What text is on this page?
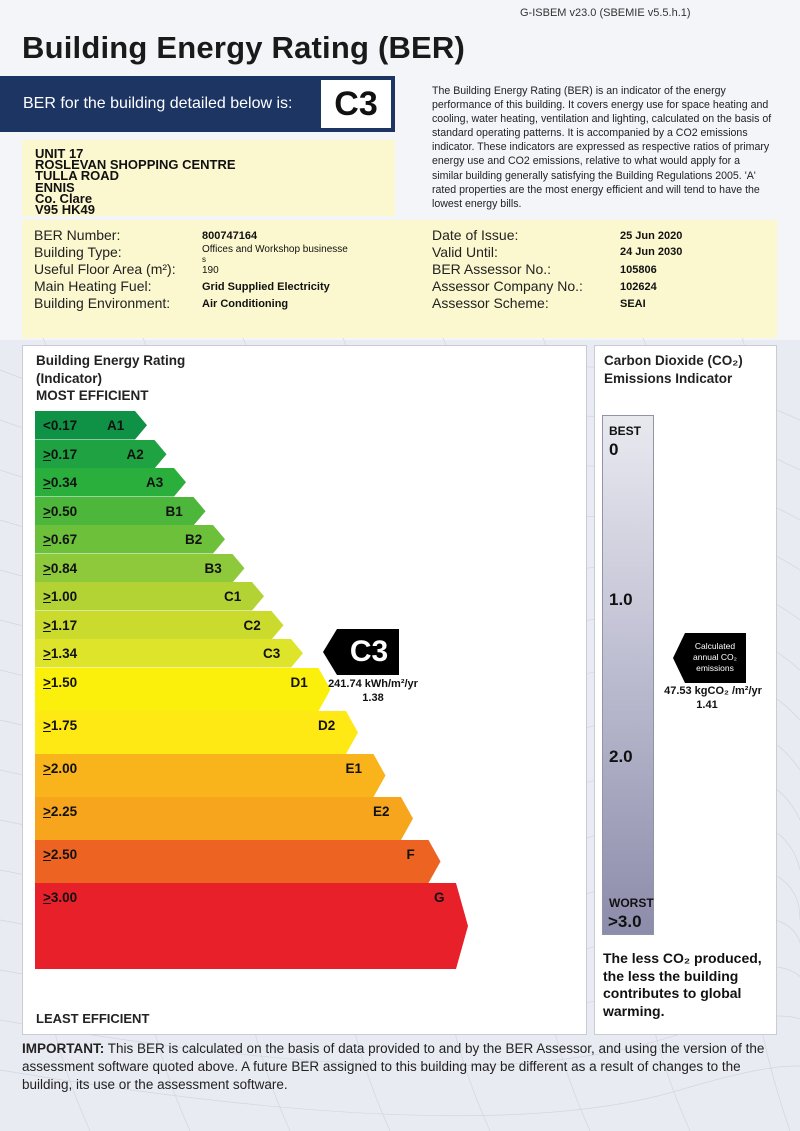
G-ISBEM v23.0 (SBEMIE v5.5.h.1)
Building Energy Rating (BER)
BER for the building detailed below is:	C3	The Building Energy Rating (BER) is an indicator of the energy performance of this building. It covers energy use for space heating and cooling, water heating, ventilation and lighting, calculated on the basis of standard operating patterns. It is accompanied by a CO2 emissions indicator. These indicators are expressed as respective ratios of primary energy use and CO2 emissions, relative to what would apply for a similar building generally satisfying the Building Regulations 2005. 'A' rated properties are the most energy efficient and will tend to have the lowest energy bills.
UNIT 17
ROSLEVAN SHOPPING CENTRE
TULLA ROAD
ENNIS
Co. Clare
V95 HK49
BER Number:	800747164
Building Type:	Offices and Workshop businesse
s
Useful Floor Area (m²):	190
Main Heating Fuel:	Grid Supplied Electricity
Building Environment:	Air Conditioning
Date of Issue:	25 Jun 2020
Valid Until:	24 Jun 2030
BER Assessor No.:	105806
Assessor Company No.:	102624
Assessor Scheme:	SEAI
Building Energy Rating
(Indicator)
MOST EFFICIENT
<0.17 A1
>0.17	A2
>0.34	A3
>0.50	B1
>0.67	B2
>0.84	B3
>1.00	C1
>1.17	C2
>1.34	C3
>1.50	D1
>1.75	D2
>2.00	E1
>2.25	E2
>2.50	F
>3.00	G
C3
241.74 kWh/m²/yr
1.38
LEAST EFFICIENT
Carbon Dioxide (CO₂)
Emissions Indicator
BEST
0
1.0
2.0
WORST
>3.0
Calculated
annual CO₂
emissions
47.53 kgCO₂ /m²/yr
1.41
The less CO₂ produced,
the less the building
contributes to global
warming.
IMPORTANT: This BER is calculated on the basis of data provided to and by the BER Assessor, and using the version of the assessment software quoted above. A future BER assigned to this building may be different as a result of changes to the building, its use or the assessment software.
